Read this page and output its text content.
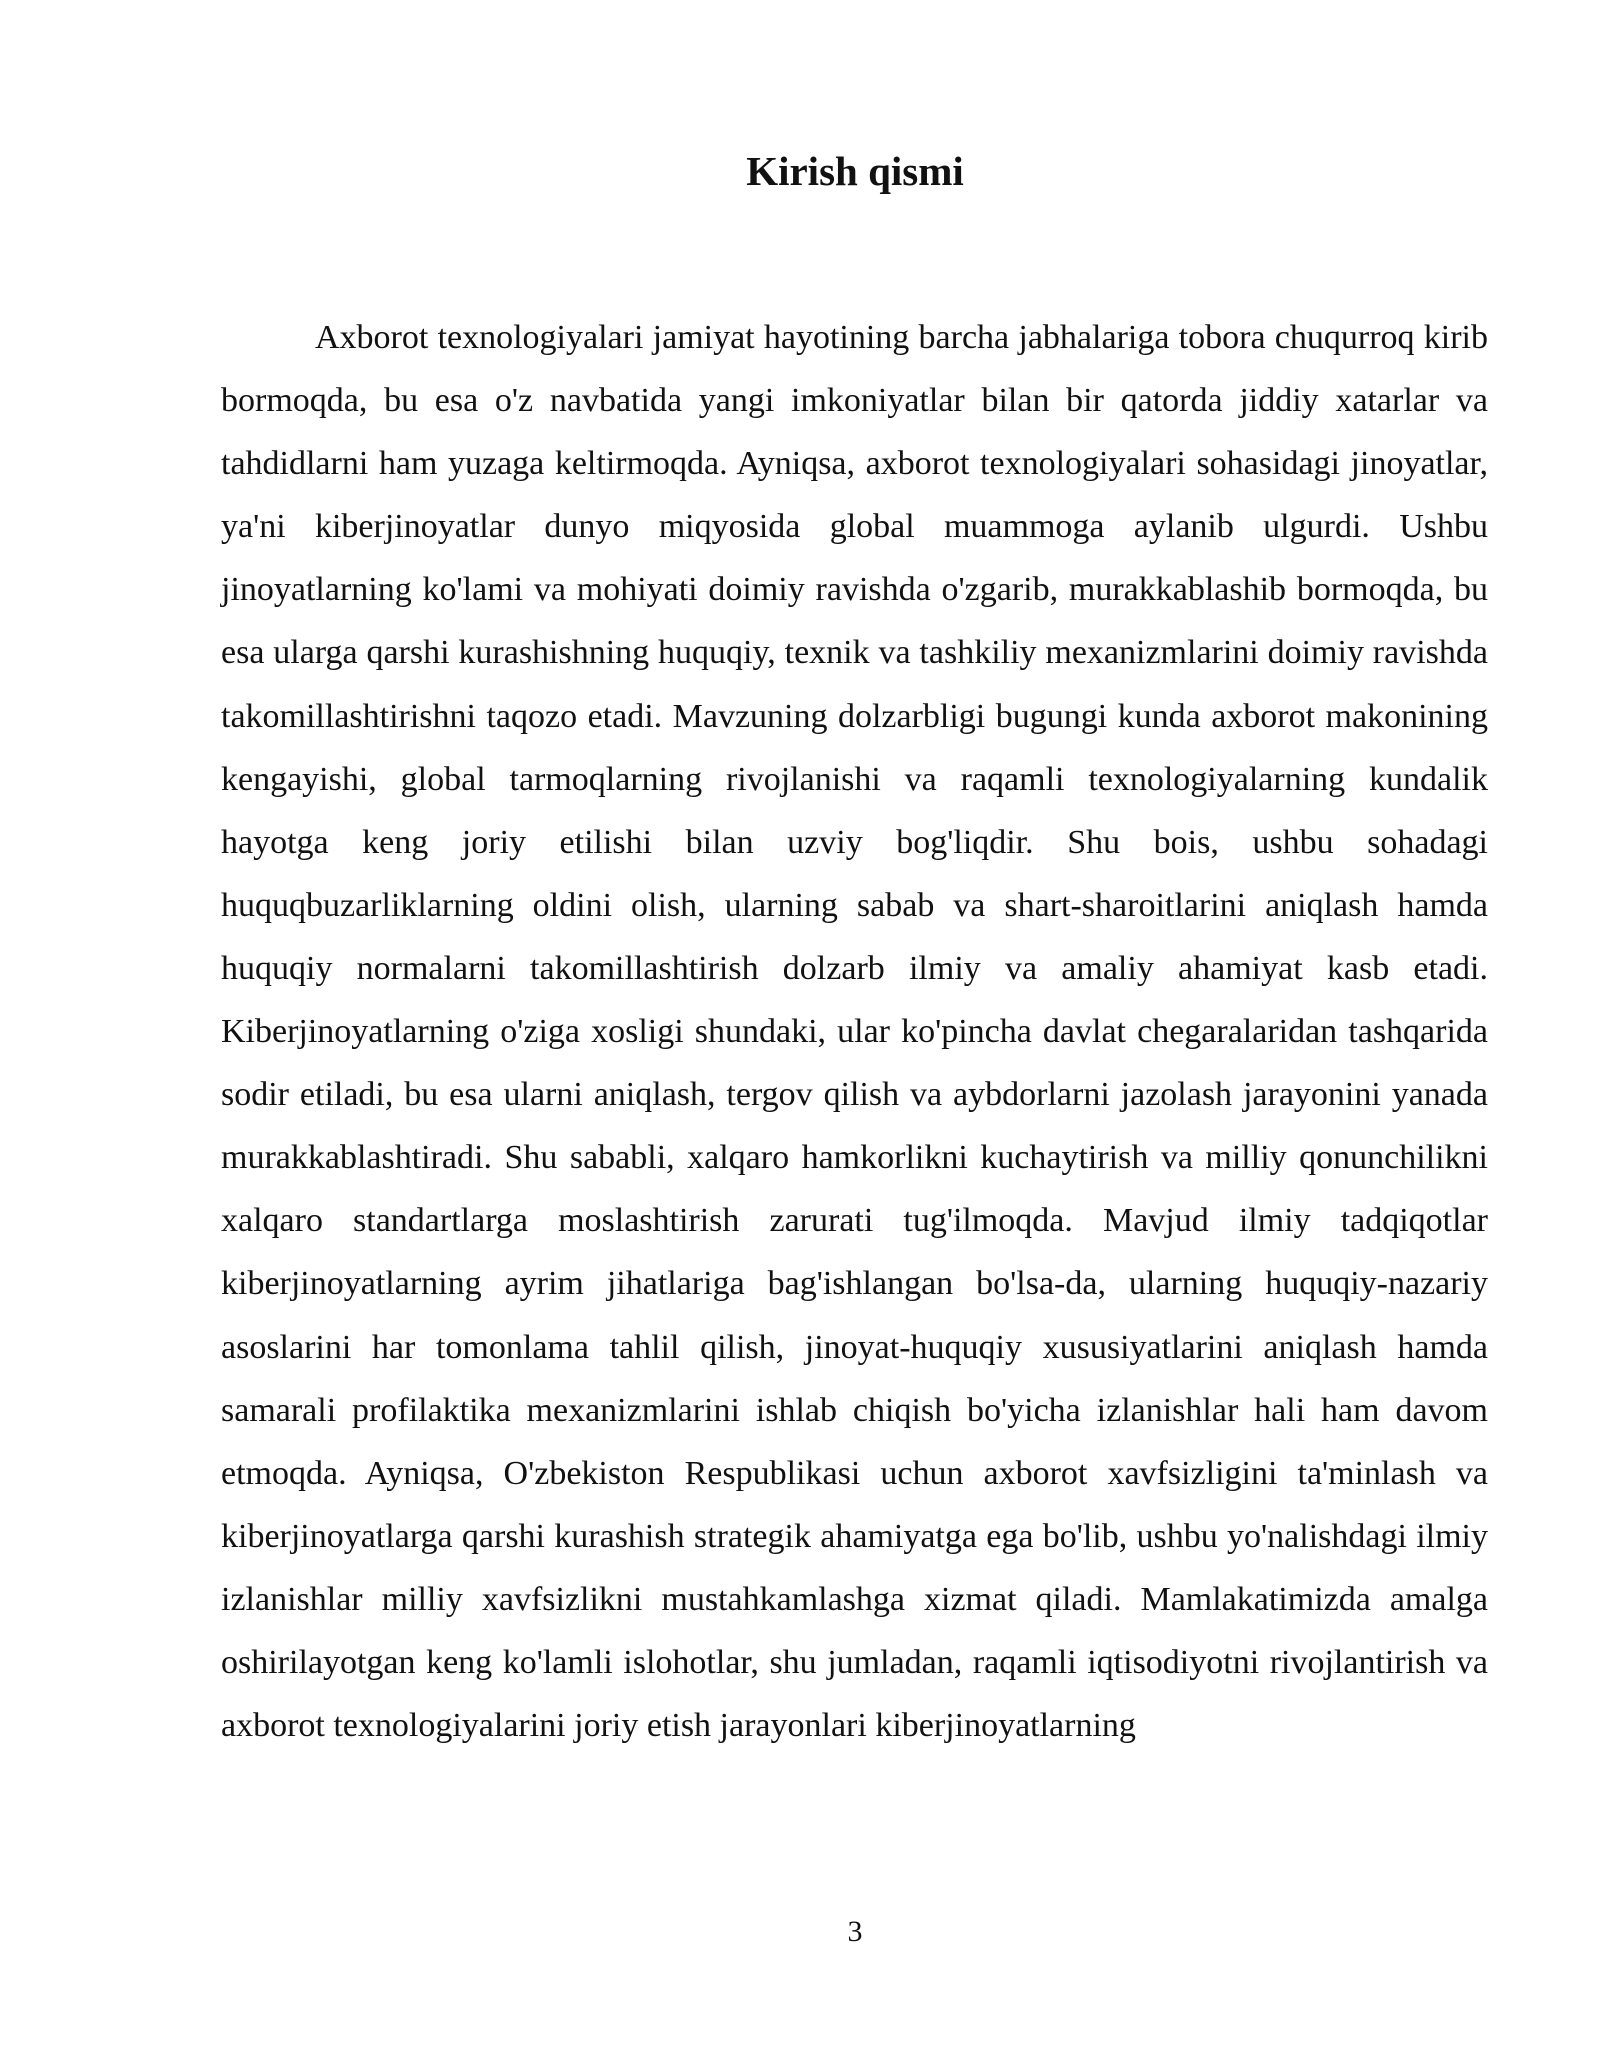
Kirish qismi

Axborot texnologiyalari jamiyat hayotining barcha jabhalariga tobora chuqurroq kirib bormoqda, bu esa o'z navbatida yangi imkoniyatlar bilan bir qatorda jiddiy xatarlar va tahdidlarni ham yuzaga keltirmoqda. Ayniqsa, axborot texnologiyalari sohasidagi jinoyatlar, ya'ni kiberjinoyatlar dunyo miqyosida global muammoga aylanib ulgurdi. Ushbu jinoyatlarning ko'lami va mohiyati doimiy ravishda o'zgarib, murakkablashib bormoqda, bu esa ularga qarshi kurashishning huquqiy, texnik va tashkiliy mexanizmlarini doimiy ravishda takomillashtirishni taqozo etadi. Mavzuning dolzarbligi bugungi kunda axborot makonining kengayishi, global tarmoqlarning rivojlanishi va raqamli texnologiyalarning kundalik hayotga keng joriy etilishi bilan uzviy bog'liqdir. Shu bois, ushbu sohadagi huquqbuzarliklarning oldini olish, ularning sabab va shart-sharoitlarini aniqlash hamda huquqiy normalarni takomillashtirish dolzarb ilmiy va amaliy ahamiyat kasb etadi. Kiberjinoyatlarning o'ziga xosligi shundaki, ular ko'pincha davlat chegaralaridan tashqarida sodir etiladi, bu esa ularni aniqlash, tergov qilish va aybdorlarni jazolash jarayonini yanada murakkablashtiradi. Shu sababli, xalqaro hamkorlikni kuchaytirish va milliy qonunchilikni xalqaro standartlarga moslashtirish zarurati tug'ilmoqda. Mavjud ilmiy tadqiqotlar kiberjinoyatlarning ayrim jihatlariga bag'ishlangan bo'lsa-da, ularning huquqiy-nazariy asoslarini har tomonlama tahlil qilish, jinoyat-huquqiy xususiyatlarini aniqlash hamda samarali profilaktika mexanizmlarini ishlab chiqish bo'yicha izlanishlar hali ham davom etmoqda. Ayniqsa, O'zbekiston Respublikasi uchun axborot xavfsizligini ta'minlash va kiberjinoyatlarga qarshi kurashish strategik ahamiyatga ega bo'lib, ushbu yo'nalishdagi ilmiy izlanishlar milliy xavfsizlikni mustahkamlashga xizmat qiladi. Mamlakatimizda amalga oshirilayotgan keng ko'lamli islohotlar, shu jumladan, raqamli iqtisodiyotni rivojlantirish va axborot texnologiyalarini joriy etish jarayonlari kiberjinoyatlarning

3
